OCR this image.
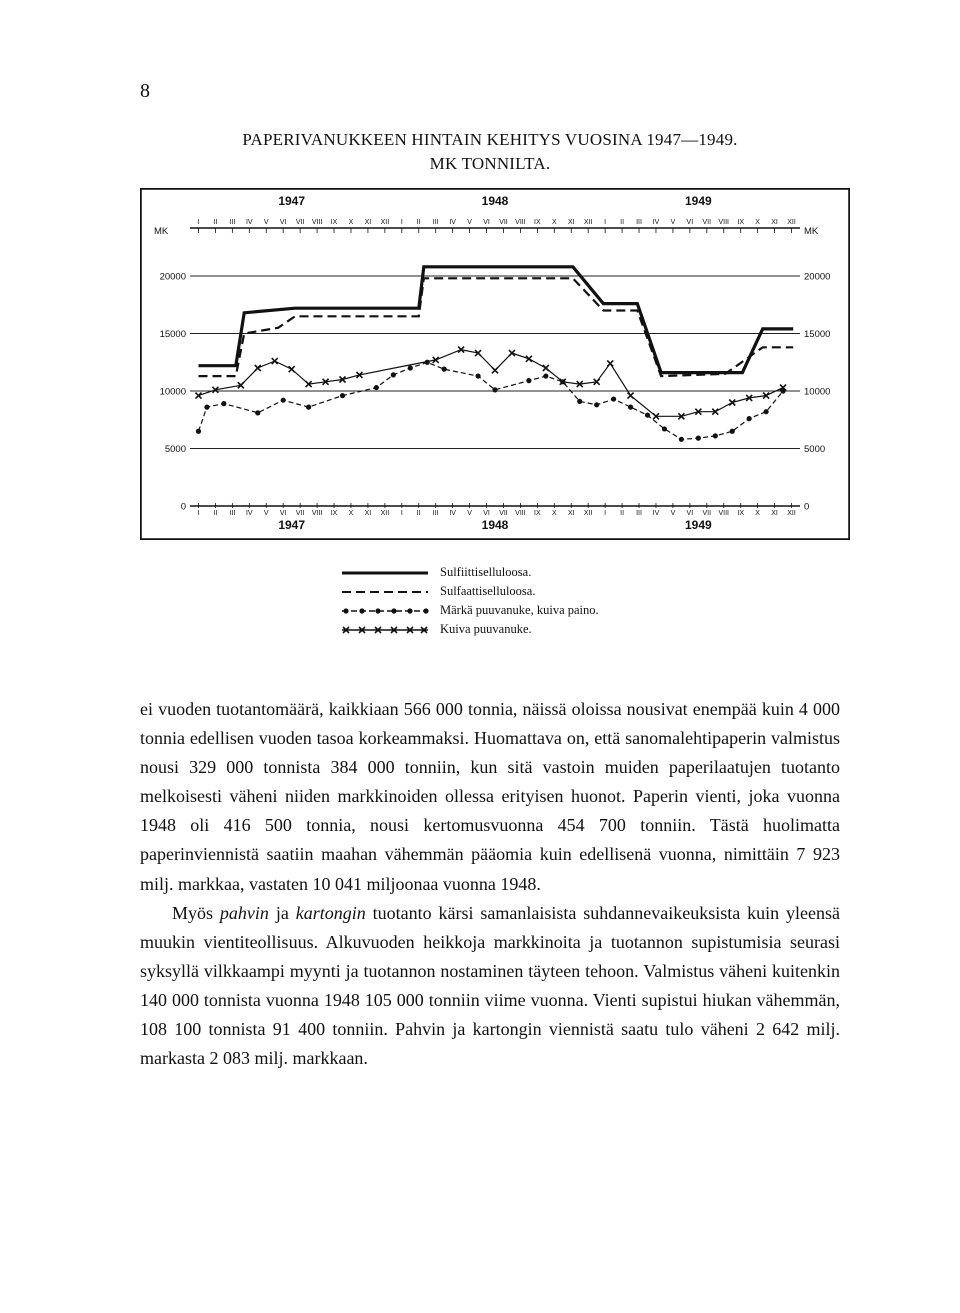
8
PAPERIVANUKKEEN HINTAIN KEHITYS VUOSINA 1947—1949.
MK TONNILTA.
0	0
5000	5000
10000	10000
15000	15000
20000	20000
MK	MK
I
I
II
II
III
III
IV
IV
V
V
VI
VI
VII
VII
VIII
VIII
IX
IX
X
X
XI
XI
XII
XII
1947
1947
I
I
II
II
III
III
IV
IV
V
V
VI
VI
VII
VII
VIII
VIII
IX
IX
X
X
XI
XI
XII
XII
1948
1948
I
I
II
II
III
III
IV
IV
V
V
VI
VI
VII
VII
VIII
VIII
IX
IX
X
X
XI
XI
XII
XII
1949
1949
Sulfiittiselluloosa.
Sulfaattiselluloosa.
Märkä puuvanuke, kuiva paino.
Kuiva puuvanuke.

ei vuoden tuotantomäärä, kaikkiaan 566 000 tonnia, näissä oloissa nousivat enempää kuin 4 000 tonnia edellisen vuoden tasoa korkeammaksi. Huomattava on, että sanomalehtipaperin valmistus nousi 329 000 tonnista 384 000 tonniin, kun sitä vastoin muiden paperilaatujen tuotanto melkoisesti väheni niiden markkinoiden ollessa erityisen huonot. Paperin vienti, joka vuonna 1948 oli 416 500 tonnia, nousi kertomusvuonna 454 700 tonniin. Tästä huolimatta paperinviennistä saatiin maahan vähemmän pääomia kuin edellisenä vuonna, nimittäin 7 923 milj. markkaa, vastaten 10 041 miljoonaa vuonna 1948.

Myös pahvin ja kartongin tuotanto kärsi samanlaisista suhdannevaikeuksista kuin yleensä muukin vientiteollisuus. Alkuvuoden heikkoja markkinoita ja tuotannon supistumisia seurasi syksyllä vilkkaampi myynti ja tuotannon nostaminen täyteen tehoon. Valmistus väheni kuitenkin 140 000 tonnista vuonna 1948 105 000 tonniin viime vuonna. Vienti supistui hiukan vähemmän, 108 100 tonnista 91 400 tonniin. Pahvin ja kartongin viennistä saatu tulo väheni 2 642 milj. markasta 2 083 milj. markkaan.
